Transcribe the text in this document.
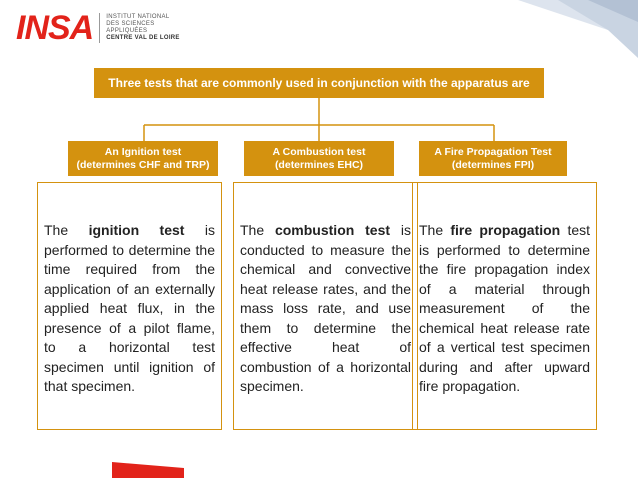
INSA INSTITUT NATIONAL
DES SCIENCES
APPLIQUÉES
CENTRE VAL DE LOIRE
Three tests that are commonly used in conjunction with the apparatus are
An Ignition test
(determines CHF and TRP)
A Combustion test
(determines EHC)
A Fire Propagation Test
(determines FPI)
The ignition test is performed to determine the time required from the application of an externally applied heat flux, in the presence of a pilot flame, to a horizontal test specimen until ignition of that specimen.
The combustion test is conducted to measure the chemical and convective heat release rates, and the mass loss rate, and use them to determine the effective heat of combustion of a horizontal specimen.
The fire propagation test is performed to determine the fire propagation index of a material through measurement of the chemical heat release rate of a vertical test specimen during and after upward fire propagation.
